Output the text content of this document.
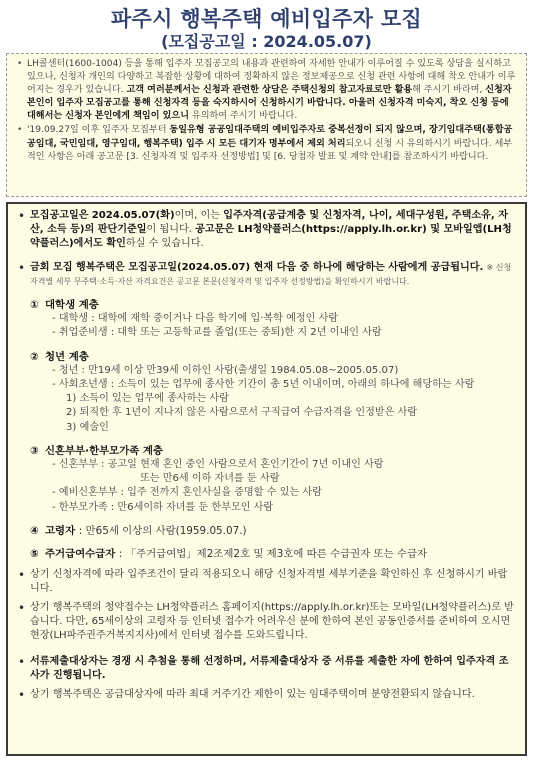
파주시 행복주택 예비입주자 모집
(모집공고일 : 2024.05.07)
• LH콜센터(1600-1004) 등을 통해 입주자 모집공고의 내용과 관련하여 자세한 안내가 이루어질 수 있도록 상담을 실시하고 있으나, 신청자 개인의 다양하고 복잡한 상황에 대하여 정확하지 않은 정보제공으로 신청 관련 사항에 대해 착오 안내가 이루어지는 경우가 있습니다. 고객 여러분께서는 신청과 관련한 상담은 주택신청의 참고자료로만 활용해 주시기 바라며, 신청자 본인이 입주자 모집공고를 통해 신청자격 등을 숙지하시어 신청하시기 바랍니다. 아울러 신청자격 미숙지, 착오 신청 등에 대해서는 신청자 본인에게 책임이 있으니 유의하여 주시기 바랍니다.
• '19.09.27일 이후 입주자 모집부터 동일유형 공공임대주택의 예비입주자로 중복선정이 되지 않으며, 장기임대주택(통합공공임대, 국민임대, 영구임대, 행복주택) 입주 시 모든 대기자 명부에서 제외 처리되오니 신청 시 유의하시기 바랍니다. 세부적인 사항은 아래 공고문 [3. 신청자격 및 입주자 선정방법] 및 [6. 당첨자 발표 및 계약 안내]를 참조하시기 바랍니다.
• 모집공고일은 2024.05.07(화)이며, 이는 입주자격(공급계층 및 신청자격, 나이, 세대구성원, 주택소유, 자산, 소득 등)의 판단기준일이 됩니다. 공고문은 LH청약플러스(https://apply.lh.or.kr) 및 모바일앱(LH청약플러스)에서도 확인하실 수 있습니다.
• 금회 모집 행복주택은 모집공고일(2024.05.07) 현재 다음 중 하나에 해당하는 사람에게 공급됩니다. ※ 신청자격별 세부 무주택·소득·자산 자격요건은 공고문 본문(신청자격 및 입주자 선정방법)을 확인하시기 바랍니다.
① 대학생 계층
- 대학생 : 대학에 재학 중이거나 다음 학기에 입·복학 예정인 사람
- 취업준비생 : 대학 또는 고등학교를 졸업(또는 중퇴)한 지 2년 이내인 사람
② 청년 계층
- 청년 : 만19세 이상 만39세 이하인 사람(출생일 1984.05.08~2005.05.07)
- 사회초년생 : 소득이 있는 업무에 종사한 기간이 총 5년 이내이며, 아래의 하나에 해당하는 사람
1) 소득이 있는 업무에 종사하는 사람
2) 퇴직한 후 1년이 지나지 않은 사람으로서 구직급여 수급자격을 인정받은 사람
3) 예술인
③ 신혼부부·한부모가족 계층
- 신혼부부 : 공고일 현재 혼인 중인 사람으로서 혼인기간이 7년 이내인 사람
또는 만6세 이하 자녀를 둔 사람
- 예비신혼부부 : 입주 전까지 혼인사실을 증명할 수 있는 사람
- 한부모가족 : 만6세이하 자녀를 둔 한부모인 사람
④ 고령자 : 만65세 이상의 사람(1959.05.07.)
⑤ 주거급여수급자 : 「주거급여법」제2조제2호 및 제3호에 따른 수급권자 또는 수급자
• 상기 신청자격에 따라 입주조건이 달리 적용되오니 해당 신청자격별 세부기준을 확인하신 후 신청하시기 바랍니다.
• 상기 행복주택의 청약접수는 LH청약플러스 홈페이지(https://apply.lh.or.kr)또는 모바일(LH청약플러스)로 받습니다. 다만, 65세이상의 고령자 등 인터넷 접수가 어려우신 분에 한하여 본인 공동인증서를 준비하여 오시면 현장(LH파주권주거복지지사)에서 인터넷 접수를 도와드립니다.
• 서류제출대상자는 경쟁 시 추첨을 통해 선정하며, 서류제출대상자 중 서류를 제출한 자에 한하여 입주자격 조사가 진행됩니다.
• 상기 행복주택은 공급대상자에 따라 최대 거주기간 제한이 있는 임대주택이며 분양전환되지 않습니다.
